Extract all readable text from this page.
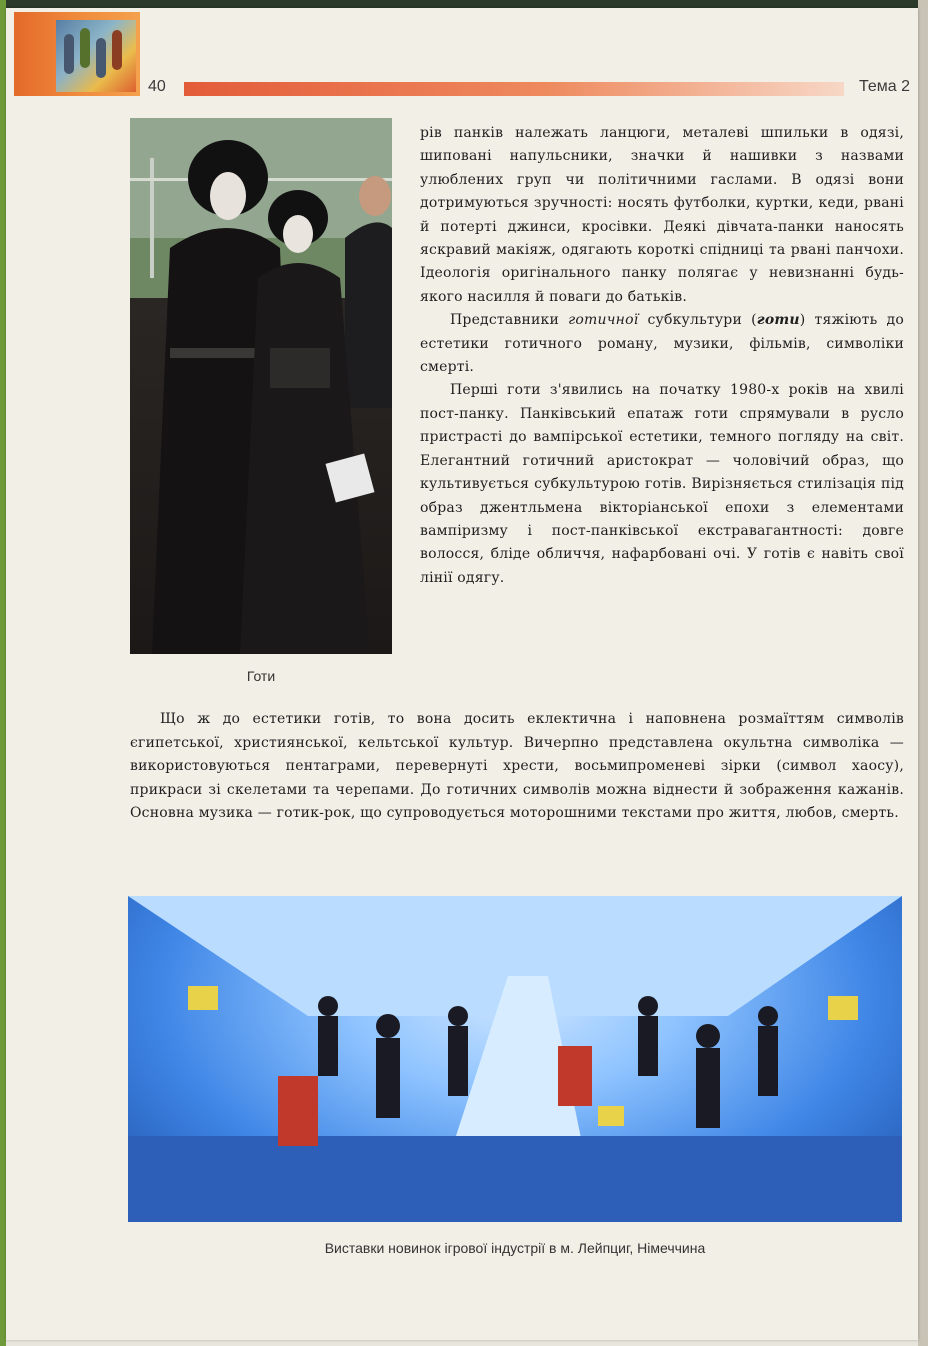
40	Тема 2
Готи

рів панків належать ланцюги, металеві шпильки в одязі, шиповані напульсники, значки й нашивки з назвами улюблених груп чи політичними гаслами. В одязі вони дотримуються зручності: носять футболки, куртки, кеди, рвані й потерті джинси, кросівки. Деякі дівчата-панки наносять яскравий макіяж, одягають короткі спідниці та рвані панчохи. Ідеологія оригінального панку полягає у невизнанні будь-якого насилля й поваги до батьків.

Представники готичної субкультури (готи) тяжіють до естетики готичного роману, музики, фільмів, символіки смерті.

Перші готи з'явились на початку 1980-х років на хвилі пост-панку. Панківський епатаж готи спрямували в русло пристрасті до вампірської естетики, темного погляду на світ. Елегантний готичний аристократ — чоловічий образ, що культивується субкультурою готів. Вирізняється стилізація під образ джентльмена вікторіанської епохи з елементами вампіризму і пост-панківської екстравагантності: довге волосся, бліде обличчя, нафарбовані очі. У готів є навіть свої лінії одягу.

Що ж до естетики готів, то вона досить еклектична і наповнена розмаїттям символів єгипетської, християнської, кельтської культур. Вичерпно представлена окультна символіка — використовуються пентаграми, перевернуті хрести, восьмипроменеві зірки (символ хаосу), прикраси зі скелетами та черепами. До готичних символів можна віднести й зображення кажанів. Основна музика — готик-рок, що супроводується моторошними текстами про життя, любов, смерть.
Виставки новинок ігрової індустрії в м. Лейпциг, Німеччина
